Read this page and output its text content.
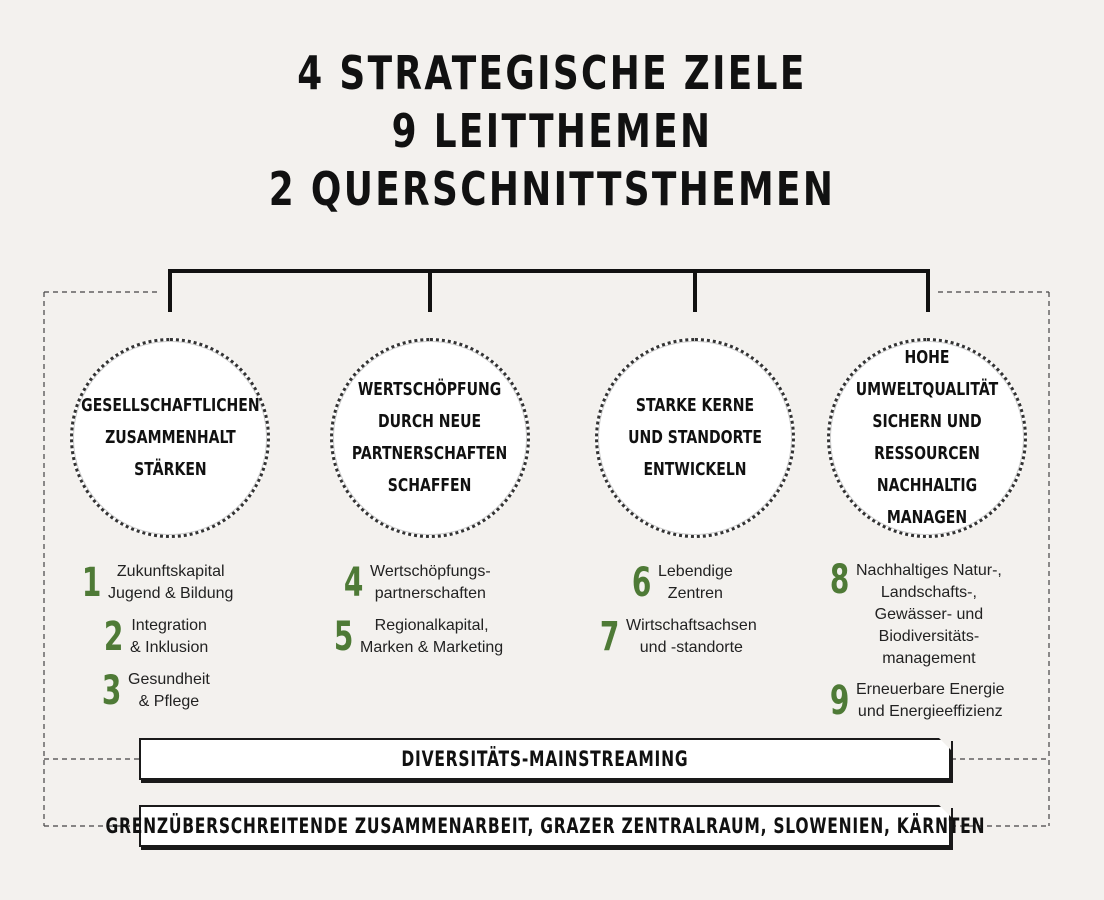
4 STRATEGISCHE ZIELE
9 LEITTHEMEN
2 QUERSCHNITTSTHEMEN
GESELLSCHAFTLICHEN
ZUSAMMENHALT
STÄRKEN
WERTSCHÖPFUNG
DURCH NEUE
PARTNERSCHAFTEN
SCHAFFEN
STARKE KERNE
UND STANDORTE
ENTWICKELN
HOHE UMWELTQUALITÄT
SICHERN UND
RESSOURCEN NACHHALTIG
MANAGEN
1 Zukunftskapital
Jugend & Bildung
2 Integration
& Inklusion
3 Gesundheit
& Pflege
4 Wertschöpfungs-
partnerschaften
5	Regionalkapital,
Marken & Marketing
6 Lebendige
Zentren
7 Wirtschaftsachsen
und -standorte
8 Nachhaltiges Natur-,
Landschafts-,
Gewässer- und
Biodiversitäts-
management
9 Erneuerbare Energie
und Energieeffizienz
DIVERSITÄTS-MAINSTREAMING
GRENZÜBERSCHREITENDE ZUSAMMENARBEIT, GRAZER ZENTRALRAUM, SLOWENIEN, KÄRNTEN
